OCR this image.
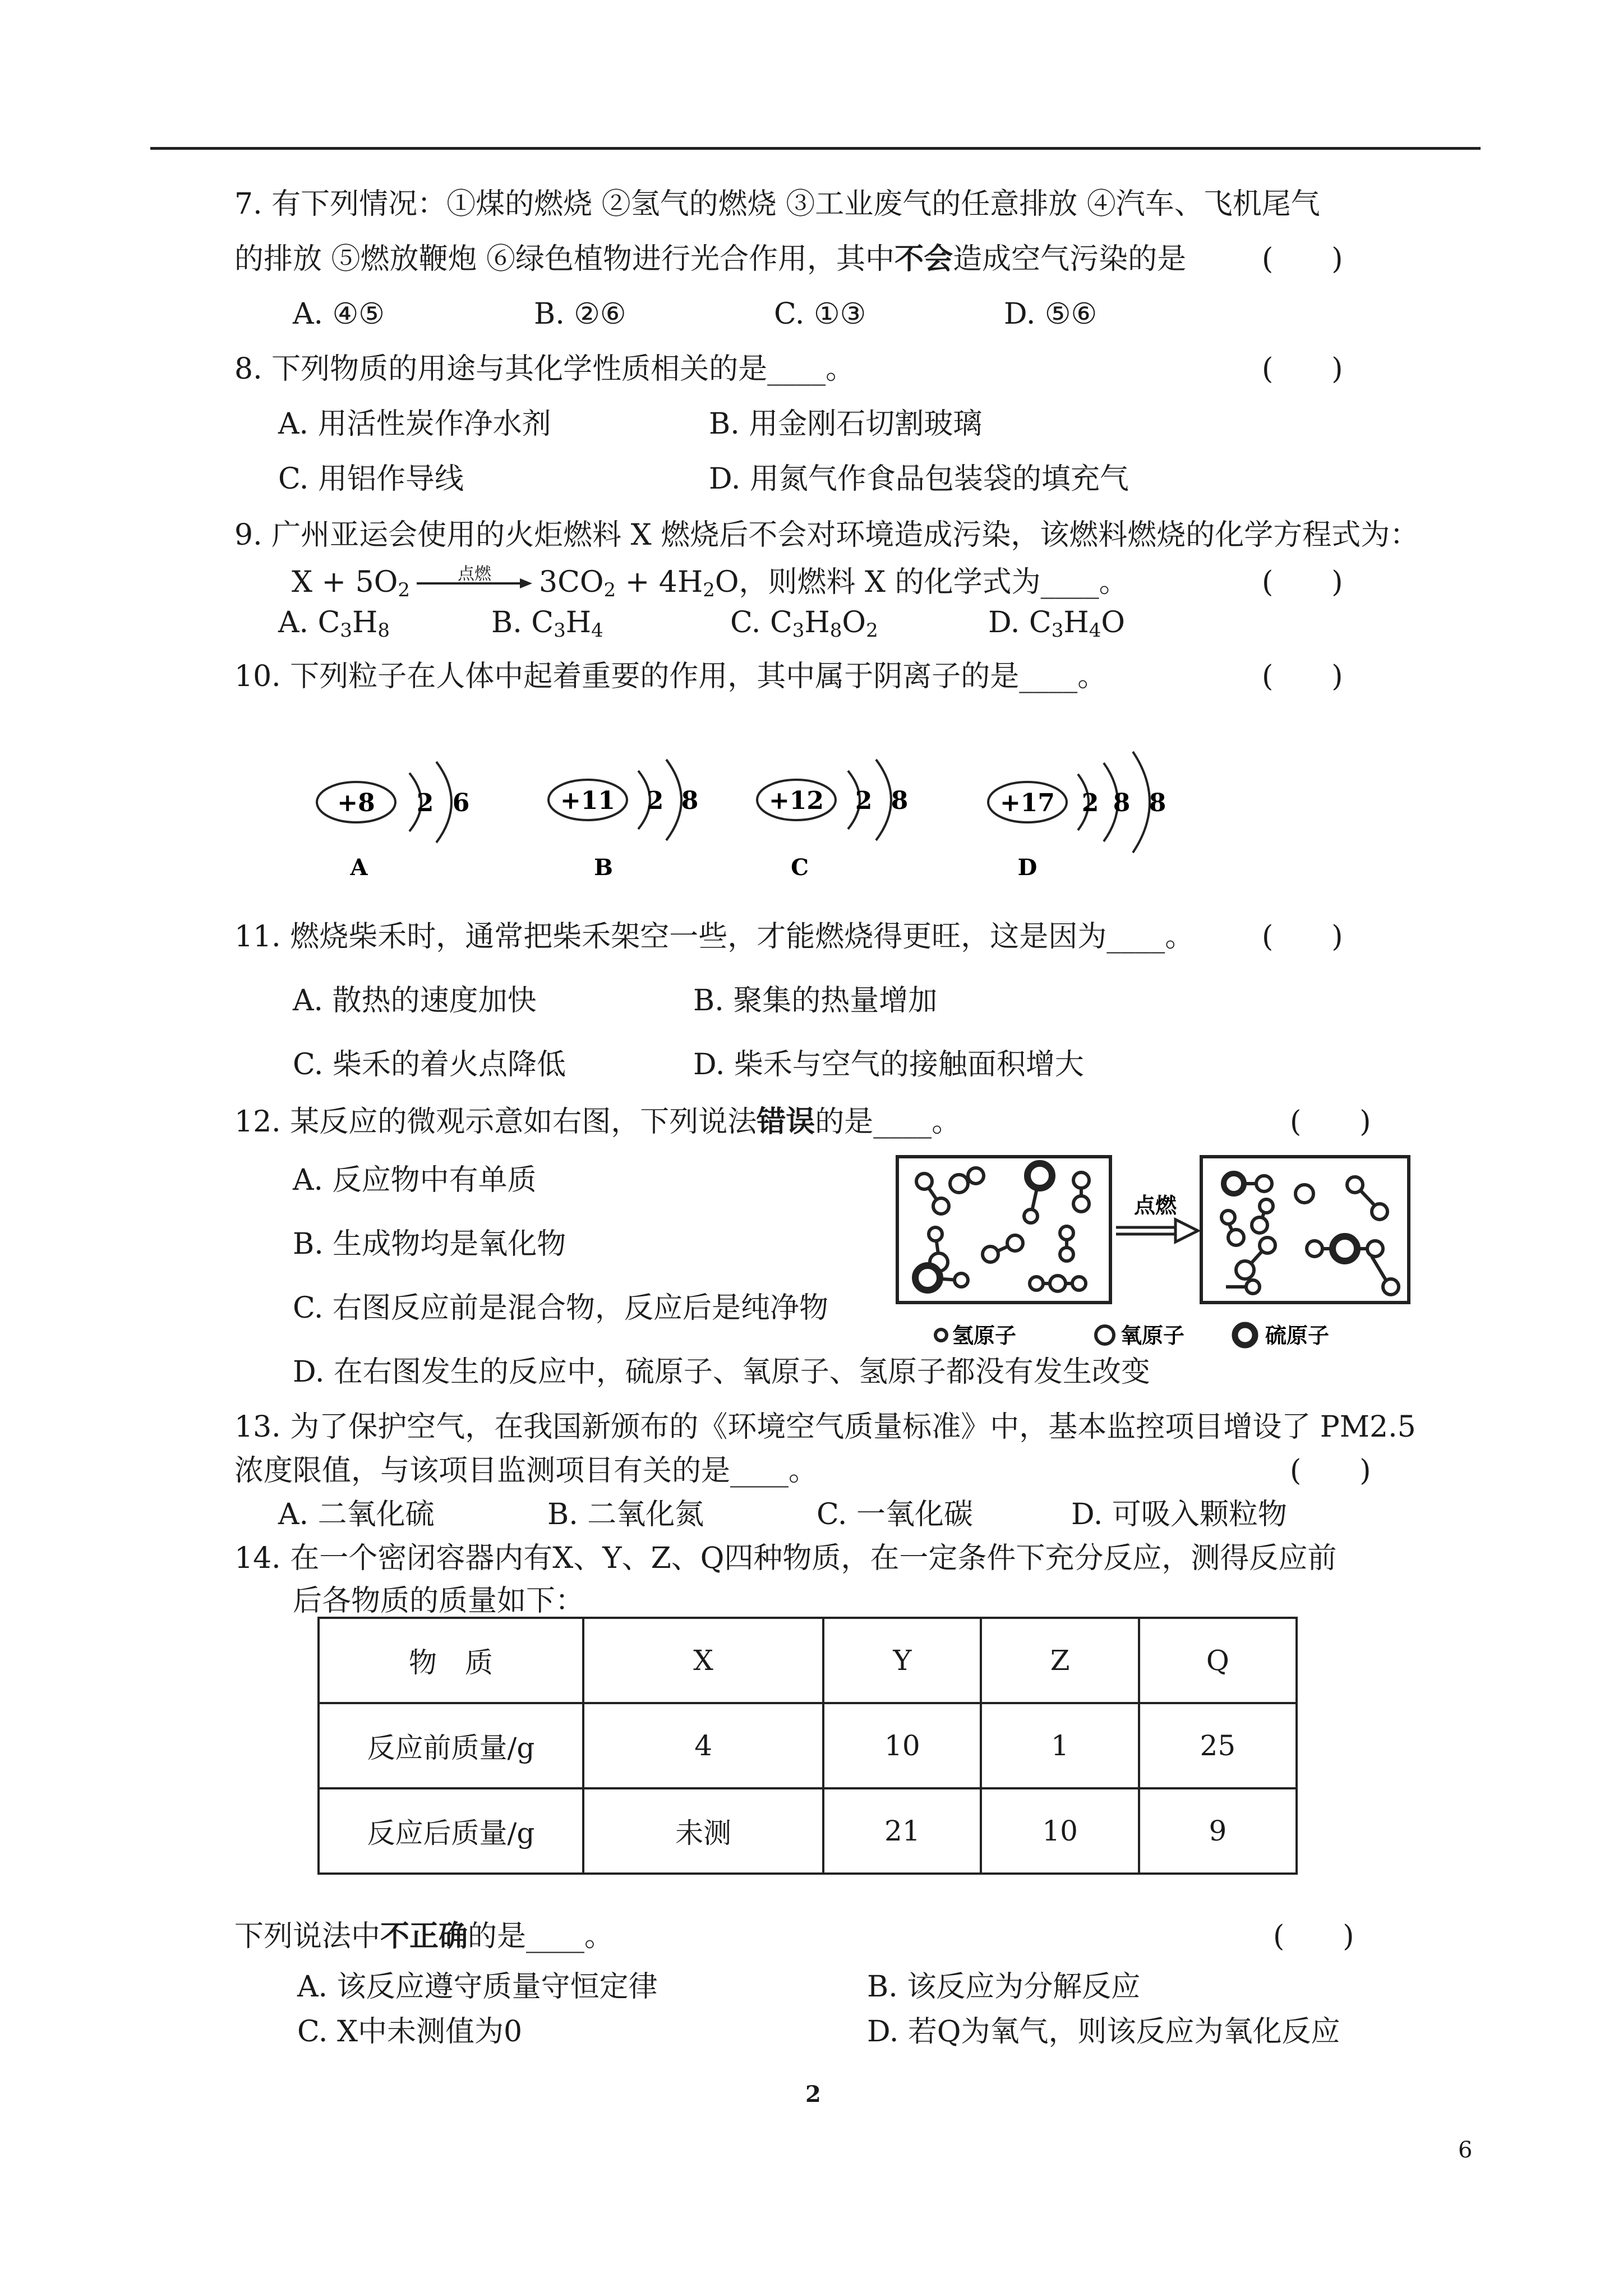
7. 有下列情况：①煤的燃烧 ②氢气的燃烧 ③工业废气的任意排放 ④汽车、飞机尾气
的排放 ⑤燃放鞭炮 ⑥绿色植物进行光合作用，其中不会造成空气污染的是	(　　)
A. ④⑤	B. ②⑥	C. ①③	D. ⑤⑥
8. 下列物质的用途与其化学性质相关的是____。	(　　)
A. 用活性炭作净水剂	B. 用金刚石切割玻璃
C. 用铝作导线	D. 用氮气作食品包装袋的填充气
9. 广州亚运会使用的火炬燃料 X 燃烧后不会对环境造成污染，该燃料燃烧的化学方程式为：
$X + 5O_2$
点燃	$3CO_2 + 4H_2O$，则燃料 X 的化学式为____。	(　　)
A. $C_3H_8$	B. $C_3H_4$	C. $C_3H_8O_2$	D. $C_3H_4O$
10. 下列粒子在人体中起着重要的作用，其中属于阴离子的是____。	(　　)
+8 2 6
A
+11 2 8
B
+12 2 8
C
+17 2 8 8
D
11. 燃烧柴禾时，通常把柴禾架空一些，才能燃烧得更旺，这是因为____。 (　　)
A. 散热的速度加快	B. 聚集的热量增加
C. 柴禾的着火点降低	D. 柴禾与空气的接触面积增大
12. 某反应的微观示意如右图，下列说法错误的是____。	(　　)
A. 反应物中有单质
B. 生成物均是氧化物
C. 右图反应前是混合物，反应后是纯净物
D. 在右图发生的反应中，硫原子、氧原子、氢原子都没有发生改变
点燃
氢原子	氧原子	硫原子
13. 为了保护空气，在我国新颁布的《环境空气质量标准》中，基本监控项目增设了 PM2.5
浓度限值，与该项目监测项目有关的是____。	(　　)
A. 二氧化硫	B. 二氧化氮	C. 一氧化碳	D. 可吸入颗粒物
14. 在一个密闭容器内有X、Y、Z、Q四种物质，在一定条件下充分反应，测得反应前
后各物质的质量如下：
物　质	X	Y	Z	Q
反应前质量/g	4	10	1	25
反应后质量/g	未测	21	10	9
下列说法中不正确的是____。	(　　)
A. 该反应遵守质量守恒定律	B. 该反应为分解反应
C. X中未测值为0	D. 若Q为氧气，则该反应为氧化反应
2
6
